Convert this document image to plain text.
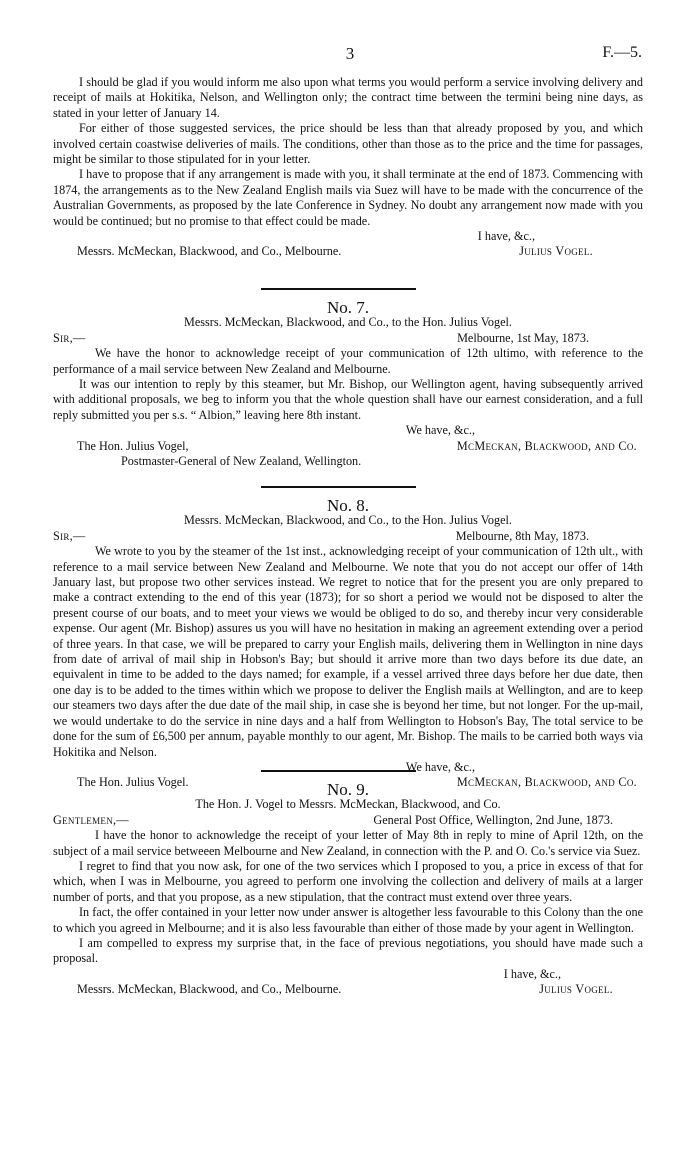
3	F.—5.

I should be glad if you would inform me also upon what terms you would perform a service involving delivery and receipt of mails at Hokitika, Nelson, and Wellington only; the contract time between the termini being nine days, as stated in your letter of January 14.

For either of those suggested services, the price should be less than that already proposed by you, and which involved certain coastwise deliveries of mails. The conditions, other than those as to the price and the time for passages, might be similar to those stipulated for in your letter.

I have to propose that if any arrangement is made with you, it shall terminate at the end of 1873. Commencing with 1874, the arrangements as to the New Zealand English mails via Suez will have to be made with the concurrence of the Australian Governments, as proposed by the late Conference in Sydney. No doubt any arrangement now made with you would be continued; but no promise to that effect could be made.

I have, &c.,
Messrs. McMeckan, Blackwood, and Co., Melbourne.	Julius Vogel.

No. 7.

Messrs. McMeckan, Blackwood, and Co., to the Hon. Julius Vogel.

Sir,—	Melbourne, 1st May, 1873.

We have the honor to acknowledge receipt of your communication of 12th ultimo, with reference to the performance of a mail service between New Zealand and Melbourne.

It was our intention to reply by this steamer, but Mr. Bishop, our Wellington agent, having subsequently arrived with additional proposals, we beg to inform you that the whole question shall have our earnest consideration, and a full reply submitted you per s.s. “ Albion,” leaving here 8th instant.

We have, &c.,
The Hon. Julius Vogel,	McMeckan, Blackwood, and Co.
Postmaster-General of New Zealand, Wellington.

No. 8.

Messrs. McMeckan, Blackwood, and Co., to the Hon. Julius Vogel.

Sir,—	Melbourne, 8th May, 1873.

We wrote to you by the steamer of the 1st inst., acknowledging receipt of your communication of 12th ult., with reference to a mail service between New Zealand and Melbourne. We note that you do not accept our offer of 14th January last, but propose two other services instead. We regret to notice that for the present you are only prepared to make a contract extending to the end of this year (1873); for so short a period we would not be disposed to alter the present course of our boats, and to meet your views we would be obliged to do so, and thereby incur very considerable expense. Our agent (Mr. Bishop) assures us you will have no hesitation in making an agreement extending over a period of three years. In that case, we will be prepared to carry your English mails, delivering them in Wellington in nine days from date of arrival of mail ship in Hobson's Bay; but should it arrive more than two days before its due date, an equivalent in time to be added to the days named; for example, if a vessel arrived three days before her due date, then one day is to be added to the times within which we propose to deliver the English mails at Wellington, and are to keep our steamers two days after the due date of the mail ship, in case she is beyond her time, but not longer. For the up-mail, we would undertake to do the service in nine days and a half from Wellington to Hobson's Bay, The total service to be done for the sum of £6,500 per annum, payable monthly to our agent, Mr. Bishop. The mails to be carried both ways via Hokitika and Nelson.

We have, &c.,
The Hon. Julius Vogel.	McMeckan, Blackwood, and Co.

No. 9.

The Hon. J. Vogel to Messrs. McMeckan, Blackwood, and Co.

Gentlemen,—	General Post Office, Wellington, 2nd June, 1873.

I have the honor to acknowledge the receipt of your letter of May 8th in reply to mine of April 12th, on the subject of a mail service betweeen Melbourne and New Zealand, in connection with the P. and O. Co.'s service via Suez.

I regret to find that you now ask, for one of the two services which I proposed to you, a price in excess of that for which, when I was in Melbourne, you agreed to perform one involving the collection and delivery of mails at a larger number of ports, and that you propose, as a new stipulation, that the contract must extend over three years.

In fact, the offer contained in your letter now under answer is altogether less favourable to this Colony than the one to which you agreed in Melbourne; and it is also less favourable than either of those made by your agent in Wellington.

I am compelled to express my surprise that, in the face of previous negotiations, you should have made such a proposal.

I have, &c.,
Messrs. McMeckan, Blackwood, and Co., Melbourne.	Julius Vogel.
